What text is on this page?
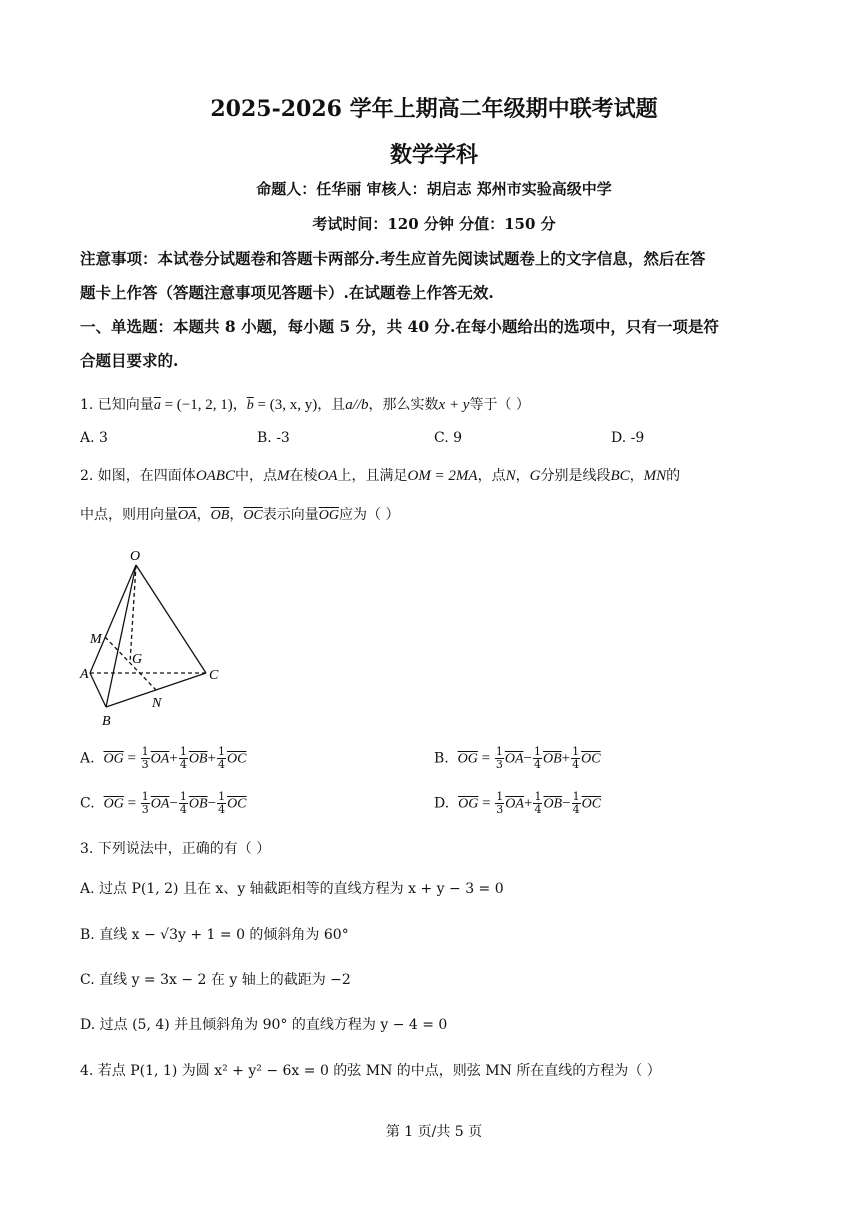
2025-2026 学年上期高二年级期中联考试题
数学学科
命题人：任华丽 审核人：胡启志 郑州市实验高级中学
考试时间：120 分钟 分值：150 分
注意事项：本试卷分试题卷和答题卡两部分.考生应首先阅读试题卷上的文字信息，然后在答
题卡上作答（答题注意事项见答题卡）.在试题卷上作答无效.
一、单选题：本题共 8 小题，每小题 5 分，共 40 分.在每小题给出的选项中，只有一项是符
合题目要求的.
1. 已知向量$\overline{a} = (-1$, 2, 1)，$\overline{b} = (3$, x, y)，且a//b，那么实数x + y等于（ ）
A. 3	B. -3	C. 9	D. -9
2. 如图，在四面体OABC中，点M在棱OA上，且满足OM = 2MA，点N，G分别是线段BC，MN的
中点，则用向量$\overline{OA}$，$\overline{OB}$，$\overline{OC}$表示向量$\overline{OG}$应为（ ）
O
M
G
A	C
N
B
A. $\overline{OG} = \frac{1}{3} \overline{OA}+ \frac{1}{4} \overline{OB}+ \frac{1}{4} \overline{OC}$	B. $\overline{OG} = \frac{1}{3} \overline{OA}- \frac{1}{4} \overline{OB}+ \frac{1}{4} \overline{OC}$
C. $\overline{OG} = \frac{1}{3} \overline{OA}- \frac{1}{4} \overline{OB}- \frac{1}{4} \overline{OC}$	D. $\overline{OG} = \frac{1}{3} \overline{OA}+ \frac{1}{4} \overline{OB}- \frac{1}{4} \overline{OC}$
3. 下列说法中，正确的有（ ）
A. 过点 P(1, 2) 且在 x、y 轴截距相等的直线方程为 x + y − 3 = 0
B. 直线 x − √3y + 1 = 0 的倾斜角为 60°
C. 直线 y = 3x − 2 在 y 轴上的截距为 −2
D. 过点 (5, 4) 并且倾斜角为 90° 的直线方程为 y − 4 = 0
4. 若点 P(1, 1) 为圆 x² + y² − 6x = 0 的弦 MN 的中点，则弦 MN 所在直线的方程为（ ）
第 1 页/共 5 页
